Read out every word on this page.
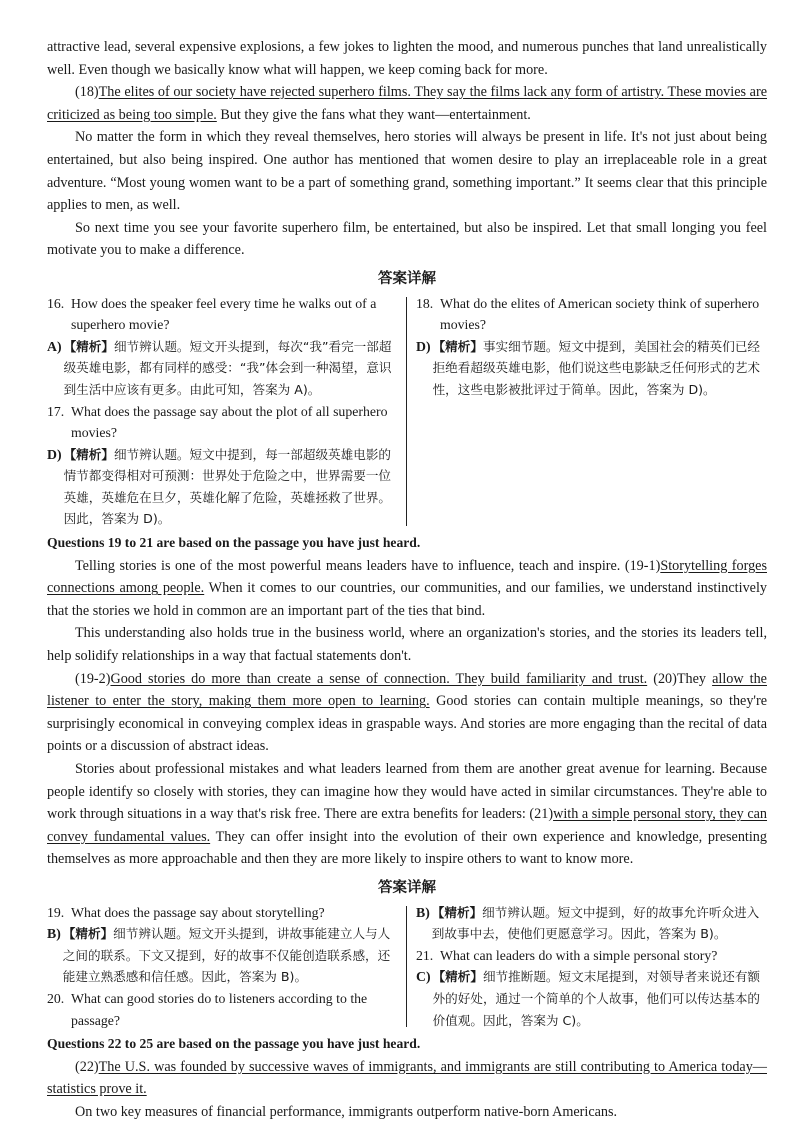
attractive lead, several expensive explosions, a few jokes to lighten the mood, and numerous punches that land unrealistically well. Even though we basically know what will happen, we keep coming back for more.

(18)The elites of our society have rejected superhero films. They say the films lack any form of artistry. These movies are criticized as being too simple. But they give the fans what they want—entertainment.

No matter the form in which they reveal themselves, hero stories will always be present in life. It's not just about being entertained, but also being inspired. One author has mentioned that women desire to play an irreplaceable role in a great adventure. “Most young women want to be a part of something grand, something important.” It seems clear that this principle applies to men, as well.

So next time you see your favorite superhero film, be entertained, but also be inspired. Let that small longing you feel motivate you to make a difference.

答案详解
16. How does the speaker feel every time he walks out of a superhero movie?
A) 【精析】细节辨认题。短文开头提到，每次“我”看完一部超级英雄电影，都有同样的感受：“我”体会到一种渴望，意识到生活中应该有更多。由此可知，答案为 A)。
17. What does the passage say about the plot of all superhero movies?
D) 【精析】细节辨认题。短文中提到，每一部超级英雄电影的情节都变得相对可预测：世界处于危险之中，世界需要一位英雄，英雄危在旦夕，英雄化解了危险，英雄拯救了世界。因此，答案为 D)。
18. What do the elites of American society think of superhero movies?
D) 【精析】事实细节题。短文中提到，美国社会的精英们已经拒绝看超级英雄电影，他们说这些电影缺乏任何形式的艺术性，这些电影被批评过于简单。因此，答案为 D)。

Questions 19 to 21 are based on the passage you have just heard.

Telling stories is one of the most powerful means leaders have to influence, teach and inspire. (19-1)Storytelling forges connections among people. When it comes to our countries, our communities, and our families, we understand instinctively that the stories we hold in common are an important part of the ties that bind.

This understanding also holds true in the business world, where an organization's stories, and the stories its leaders tell, help solidify relationships in a way that factual statements don't.

(19-2)Good stories do more than create a sense of connection. They build familiarity and trust. (20)They allow the listener to enter the story, making them more open to learning. Good stories can contain multiple meanings, so they're surprisingly economical in conveying complex ideas in graspable ways. And stories are more engaging than the recital of data points or a discussion of abstract ideas.

Stories about professional mistakes and what leaders learned from them are another great avenue for learning. Because people identify so closely with stories, they can imagine how they would have acted in similar circumstances. They're able to work through situations in a way that's risk free. There are extra benefits for leaders: (21)with a simple personal story, they can convey fundamental values. They can offer insight into the evolution of their own experience and knowledge, presenting themselves as more approachable and then they are more likely to inspire others to want to know more.

答案详解
19. What does the passage say about storytelling?
B) 【精析】细节辨认题。短文开头提到，讲故事能建立人与人之间的联系。下文又提到，好的故事不仅能创造联系感，还能建立熟悉感和信任感。因此，答案为 B)。
20. What can good stories do to listeners according to the passage?
B) 【精析】细节辨认题。短文中提到，好的故事允许听众进入到故事中去，使他们更愿意学习。因此，答案为 B)。
21. What can leaders do with a simple personal story?
C) 【精析】细节推断题。短文末尾提到，对领导者来说还有额外的好处，通过一个简单的个人故事，他们可以传达基本的价值观。因此，答案为 C)。

Questions 22 to 25 are based on the passage you have just heard.

(22)The U.S. was founded by successive waves of immigrants, and immigrants are still contributing to America today—statistics prove it.

On two key measures of financial performance, immigrants outperform native-born Americans.
